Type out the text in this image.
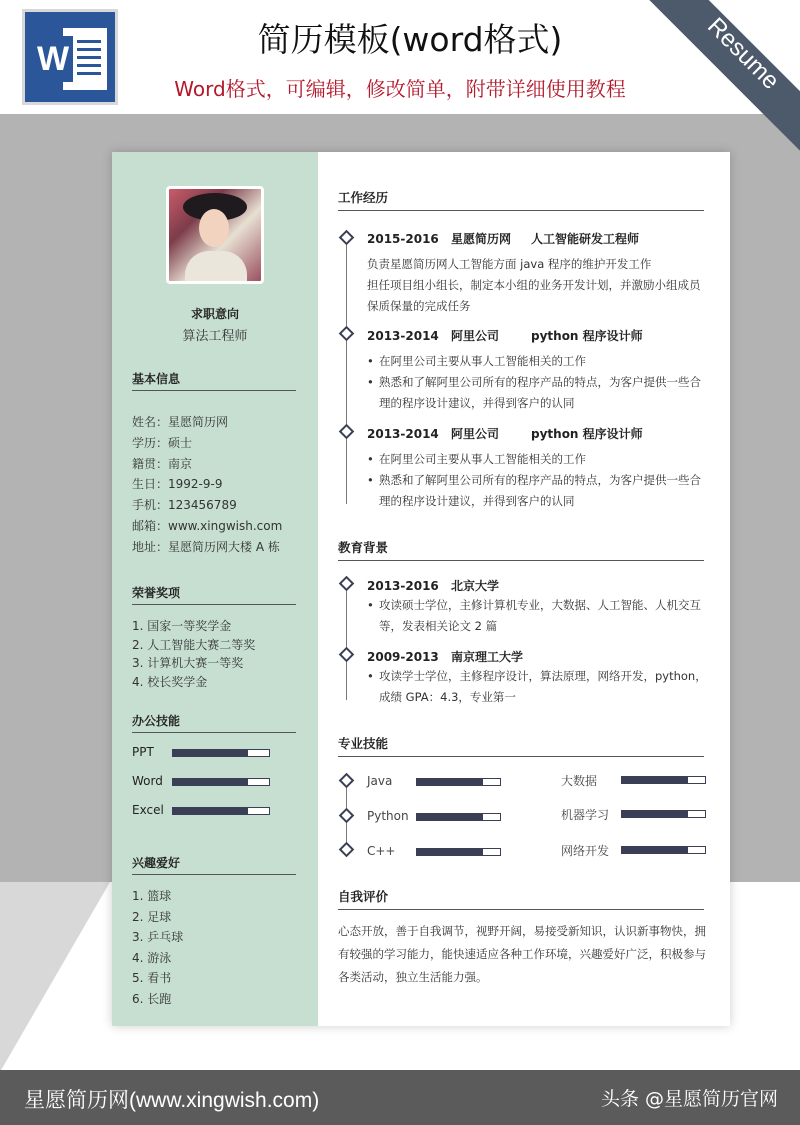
W	简历模板(word格式)
Word格式，可编辑，修改简单，附带详细使用教程	Resume
求职意向
算法工程师
基本信息
姓名：星愿简历网
学历：硕士
籍贯：南京
生日：1992-9-9
手机：123456789
邮箱：www.xingwish.com
地址：星愿简历网大楼 A 栋
荣誉奖项
1. 国家一等奖学金
2. 人工智能大赛二等奖
3. 计算机大赛一等奖
4. 校长奖学金
办公技能
PPT
Word
Excel
兴趣爱好
1. 篮球2. 足球 3. 乒乓球4. 游泳 5. 看书6. 长跑
工作经历
2015-2016 星愿简历网 人工智能研发工程师
负责星愿简历网人工智能方面 java 程序的维护开发工作
担任项目组小组长，制定本小组的业务开发计划，并激励小组成员保质保量的完成任务
2013-2014 阿里公司	python 程序设计师
• 在阿里公司主要从事人工智能相关的工作
• 熟悉和了解阿里公司所有的程序产品的特点，为客户提供一些合理的程序设计建议，并得到客户的认同
2013-2014 阿里公司	python 程序设计师
• 在阿里公司主要从事人工智能相关的工作
• 熟悉和了解阿里公司所有的程序产品的特点，为客户提供一些合理的程序设计建议，并得到客户的认同
教育背景
2013-2016 北京大学
• 攻读硕士学位，主修计算机专业，大数据、人工智能、人机交互等，发表相关论文 2 篇
2009-2013 南京理工大学
• 攻读学士学位，主修程序设计，算法原理，网络开发，python，成绩 GPA：4.3，专业第一
专业技能
Java	大数据
Python	机器学习
C++	网络开发
自我评价
心态开放，善于自我调节，视野开阔，易接受新知识，认识新事物快，拥有较强的学习能力，能快速适应各种工作环境，兴趣爱好广泛，积极参与各类活动，独立生活能力强。
星愿简历网(www.xingwish.com)	头条 @星愿简历官网
